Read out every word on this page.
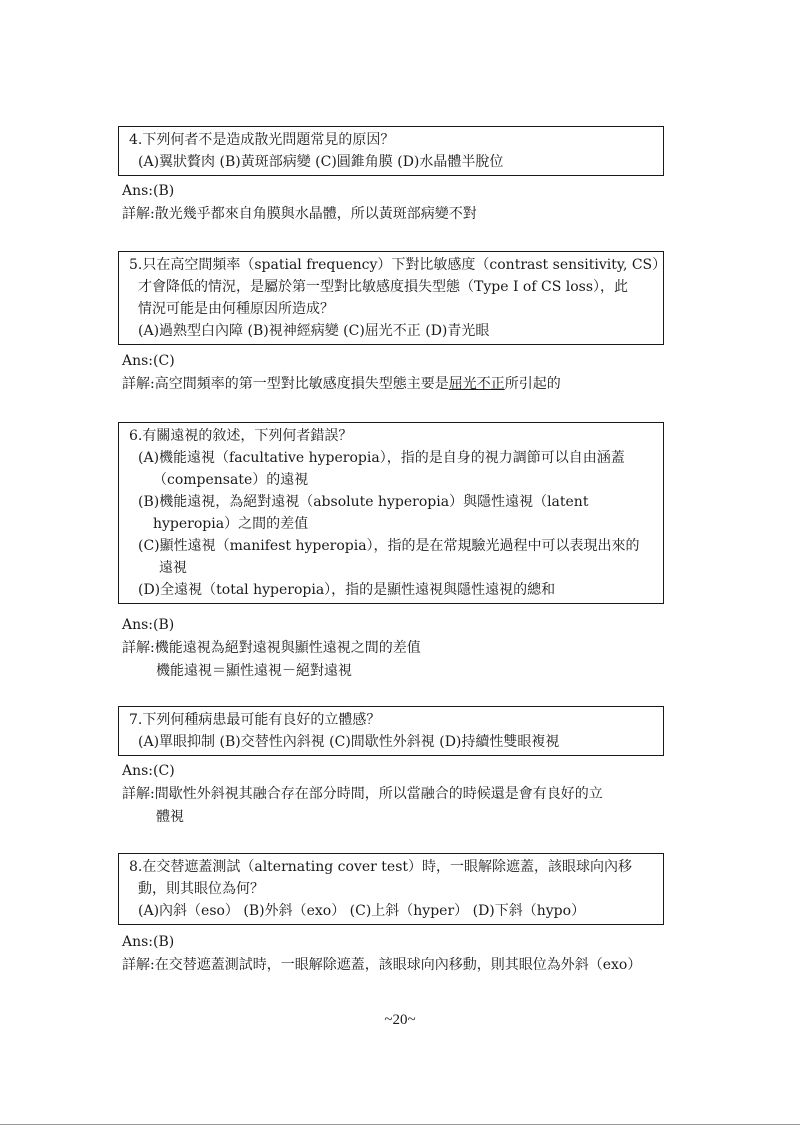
4.下列何者不是造成散光問題常見的原因？
(A)翼狀贅肉 (B)黃斑部病變 (C)圓錐角膜 (D)水晶體半脫位
Ans:(B)
詳解:散光幾乎都來自角膜與水晶體，所以黃斑部病變不對
5.只在高空間頻率（spatial frequency）下對比敏感度（contrast sensitivity, CS）
才會降低的情況，是屬於第一型對比敏感度損失型態（Type I of CS loss），此
情況可能是由何種原因所造成？
(A)過熟型白內障 (B)視神經病變 (C)屈光不正 (D)青光眼
Ans:(C)
詳解:高空間頻率的第一型對比敏感度損失型態主要是屈光不正所引起的
6.有關遠視的敘述，下列何者錯誤？
(A)機能遠視（facultative hyperopia），指的是自身的視力調節可以自由涵蓋
（compensate）的遠視
(B)機能遠視，為絕對遠視（absolute hyperopia）與隱性遠視（latent
hyperopia）之間的差值
(C)顯性遠視（manifest hyperopia），指的是在常規驗光過程中可以表現出來的
遠視
(D)全遠視（total hyperopia），指的是顯性遠視與隱性遠視的總和
Ans:(B)
詳解:機能遠視為絕對遠視與顯性遠視之間的差值
機能遠視＝顯性遠視－絕對遠視
7.下列何種病患最可能有良好的立體感？
(A)單眼抑制 (B)交替性內斜視 (C)間歇性外斜視 (D)持續性雙眼複視
Ans:(C)
詳解:間歇性外斜視其融合存在部分時間，所以當融合的時候還是會有良好的立
體視
8.在交替遮蓋測試（alternating cover test）時，一眼解除遮蓋，該眼球向內移
動，則其眼位為何？
(A)內斜（eso） (B)外斜（exo） (C)上斜（hyper） (D)下斜（hypo）
Ans:(B)
詳解:在交替遮蓋測試時，一眼解除遮蓋，該眼球向內移動，則其眼位為外斜（exo）
~20~
